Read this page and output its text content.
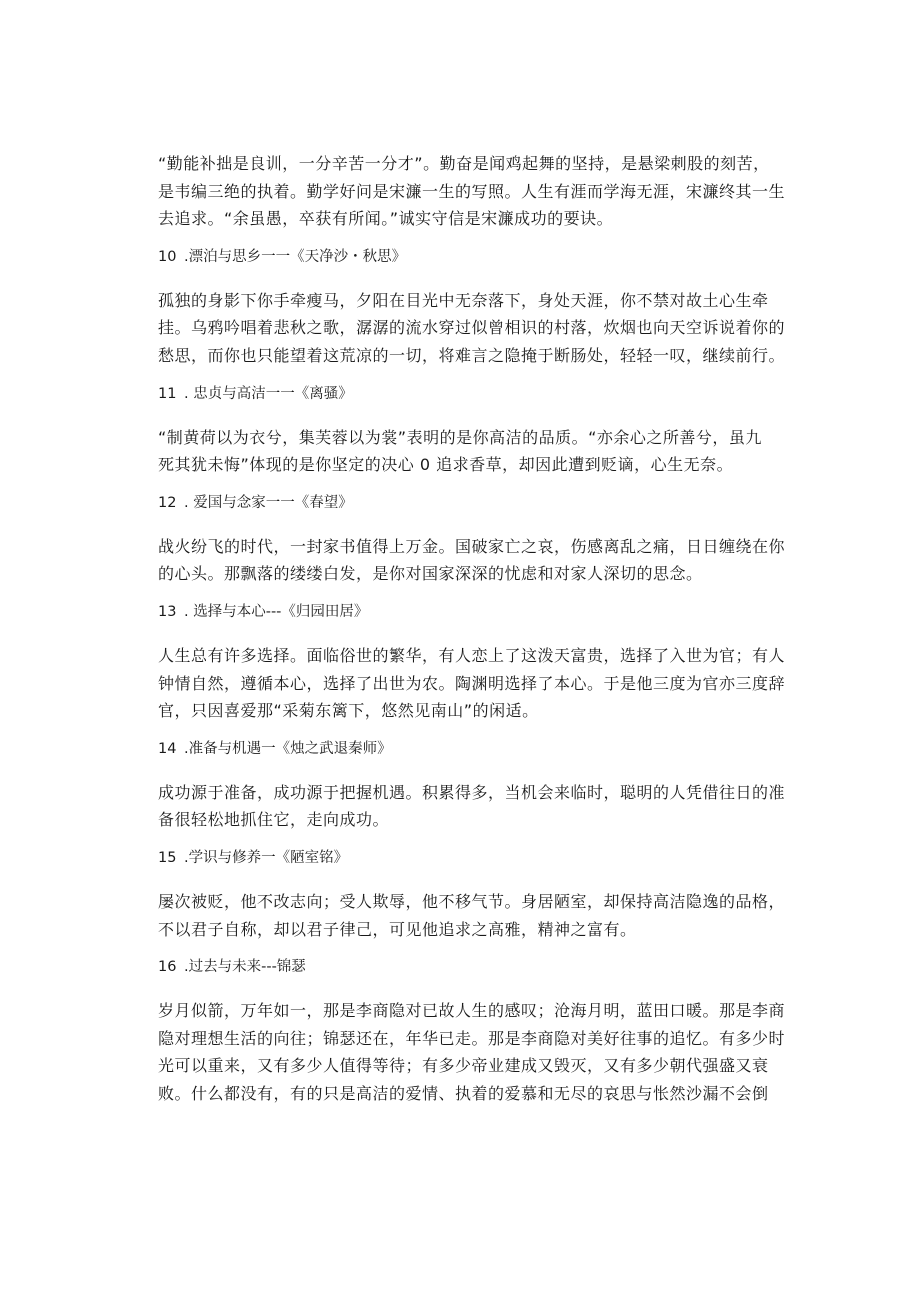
“勤能补拙是良训，一分辛苦一分才”。勤奋是闻鸡起舞的坚持，是悬梁刺股的刻苦，
是韦编三绝的执着。勤学好问是宋濂一生的写照。人生有涯而学海无涯，宋濂终其一生
去追求。“余虽愚，卒获有所闻。”诚实守信是宋濂成功的要诀。
10 .漂泊与思乡一一《天净沙・秋思》
孤独的身影下你手牵瘦马，夕阳在目光中无奈落下，身处天涯，你不禁对故土心生牵
挂。乌鸦吟唱着悲秋之歌，潺潺的流水穿过似曾相识的村落，炊烟也向天空诉说着你的
愁思，而你也只能望着这荒凉的一切，将难言之隐掩于断肠处，轻轻一叹，继续前行。
11 . 忠贞与高洁一一《离骚》
“制黄荷以为衣兮，集芙蓉以为裳”表明的是你高洁的品质。“亦余心之所善兮，虽九
死其犹未悔”体现的是你坚定的决心 0 追求香草，却因此遭到贬谪，心生无奈。
12 . 爱国与念家一一《春望》
战火纷飞的时代，一封家书值得上万金。国破家亡之哀，伤感离乱之痛，日日缠绕在你
的心头。那飘落的缕缕白发，是你对国家深深的忧虑和对家人深切的思念。
13 . 选择与本心---《归园田居》
人生总有许多选择。面临俗世的繁华，有人恋上了这泼天富贵，选择了入世为官；有人
钟情自然，遵循本心，选择了出世为农。陶渊明选择了本心。于是他三度为官亦三度辞
官，只因喜爱那“采菊东篱下，悠然见南山”的闲适。
14 .准备与机遇一《烛之武退秦师》
成功源于准备，成功源于把握机遇。积累得多，当机会来临时，聪明的人凭借往日的准
备很轻松地抓住它，走向成功。
15 .学识与修养一《陋室铭》
屡次被贬，他不改志向；受人欺辱，他不移气节。身居陋室，却保持高洁隐逸的品格，
不以君子自称，却以君子律己，可见他追求之高雅，精神之富有。
16 .过去与未来---锦瑟
岁月似箭，万年如一，那是李商隐对已故人生的感叹；沧海月明，蓝田口暖。那是李商
隐对理想生活的向往；锦瑟还在，年华已走。那是李商隐对美好往事的追忆。有多少时
光可以重来，又有多少人值得等待；有多少帝业建成又毁灭，又有多少朝代强盛又衰
败。什么都没有，有的只是高洁的爱情、执着的爱慕和无尽的哀思与怅然沙漏不会倒
